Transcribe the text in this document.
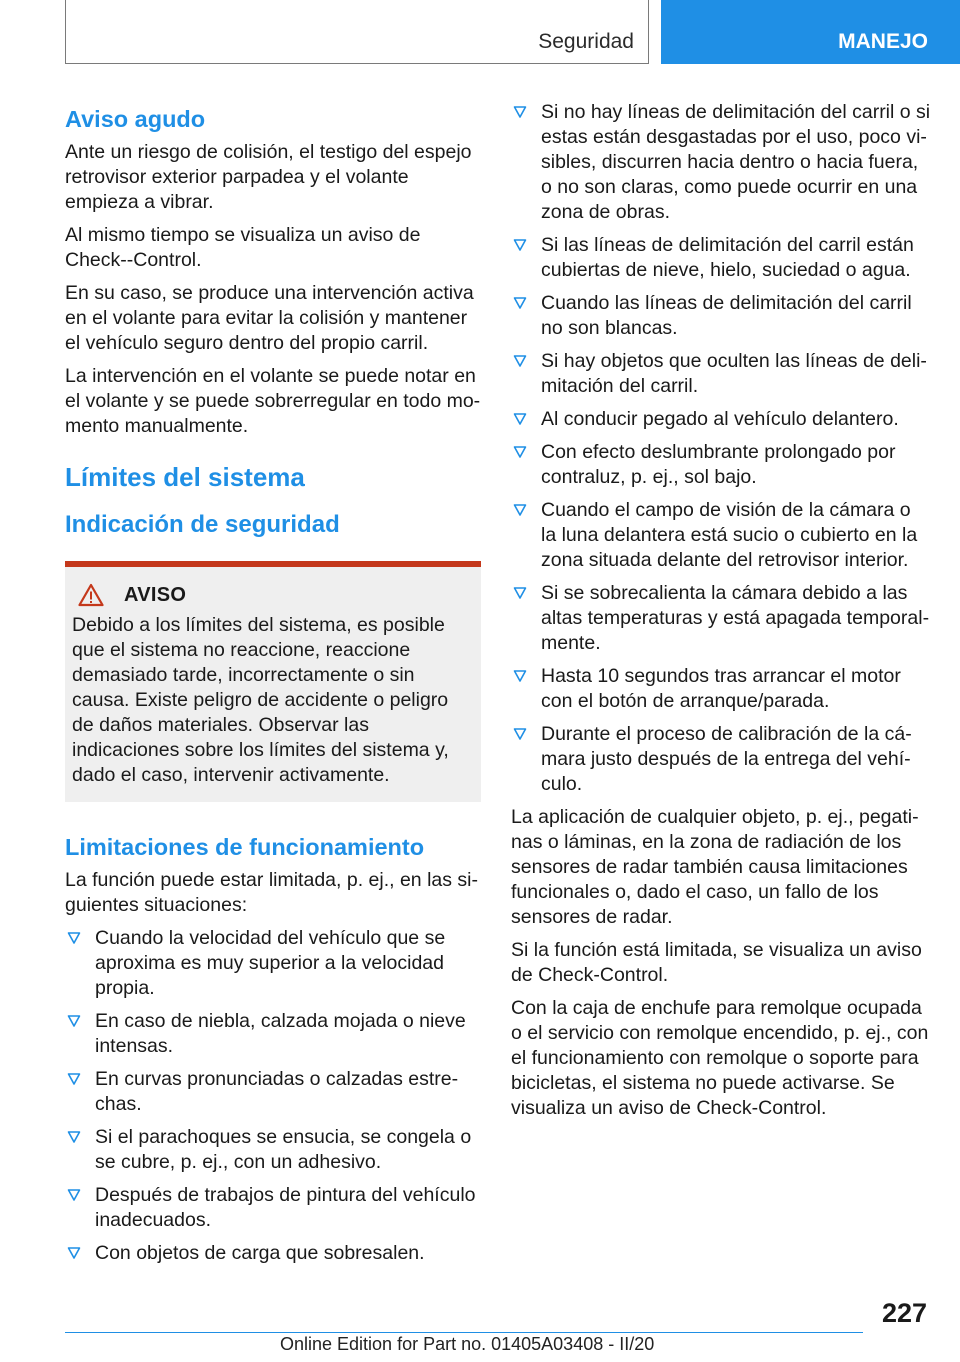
Seguridad	MANEJO
Aviso agudo

Ante un riesgo de colisión, el testigo del espejo retrovisor exterior parpadea y el volante empieza a vibrar.

Al mismo tiempo se visualiza un aviso de Check--Control.

En su caso, se produce una intervención activa en el volante para evitar la colisión y mantener el vehículo seguro dentro del propio carril.

La intervención en el volante se puede notar en el volante y se puede sobrerregular en todo momento manualmente.

Límites del sistema
Indicación de seguridad
AVISO

Debido a los límites del sistema, es posible que el sistema no reaccione, reaccione demasiado tarde, incorrectamente o sin causa. Existe peligro de accidente o peligro de daños materiales. Observar las indicaciones sobre los límites del sistema y, dado el caso, intervenir activamente.

Limitaciones de funcionamiento

La función puede estar limitada, p. ej., en las siguientes situaciones:

Cuando la velocidad del vehículo que se aproxima es muy superior a la velocidad propia.
En caso de niebla, calzada mojada o nieve intensas.
En curvas pronunciadas o calzadas estrechas.
Si el parachoques se ensucia, se congela o se cubre, p. ej., con un adhesivo.
Después de trabajos de pintura del vehículo inadecuados.
Con objetos de carga que sobresalen.
Si no hay líneas de delimitación del carril o si estas están desgastadas por el uso, poco visibles, discurren hacia dentro o hacia fuera, o no son claras, como puede ocurrir en una zona de obras.
Si las líneas de delimitación del carril están cubiertas de nieve, hielo, suciedad o agua.
Cuando las líneas de delimitación del carril no son blancas.
Si hay objetos que oculten las líneas de delimitación del carril.
Al conducir pegado al vehículo delantero.
Con efecto deslumbrante prolongado por contraluz, p. ej., sol bajo.
Cuando el campo de visión de la cámara o la luna delantera está sucio o cubierto en la zona situada delante del retrovisor interior.
Si se sobrecalienta la cámara debido a las altas temperaturas y está apagada temporalmente.
Hasta 10 segundos tras arrancar el motor con el botón de arranque/parada.
Durante el proceso de calibración de la cámara justo después de la entrega del vehículo.

La aplicación de cualquier objeto, p. ej., pegatinas o láminas, en la zona de radiación de los sensores de radar también causa limitaciones funcionales o, dado el caso, un fallo de los sensores de radar.

Si la función está limitada, se visualiza un aviso de Check-Control.

Con la caja de enchufe para remolque ocupada o el servicio con remolque encendido, p. ej., con el funcionamiento con remolque o soporte para bicicletas, el sistema no puede activarse. Se visualiza un aviso de Check-Control.

227
Online Edition for Part no. 01405A03408 - II/20
